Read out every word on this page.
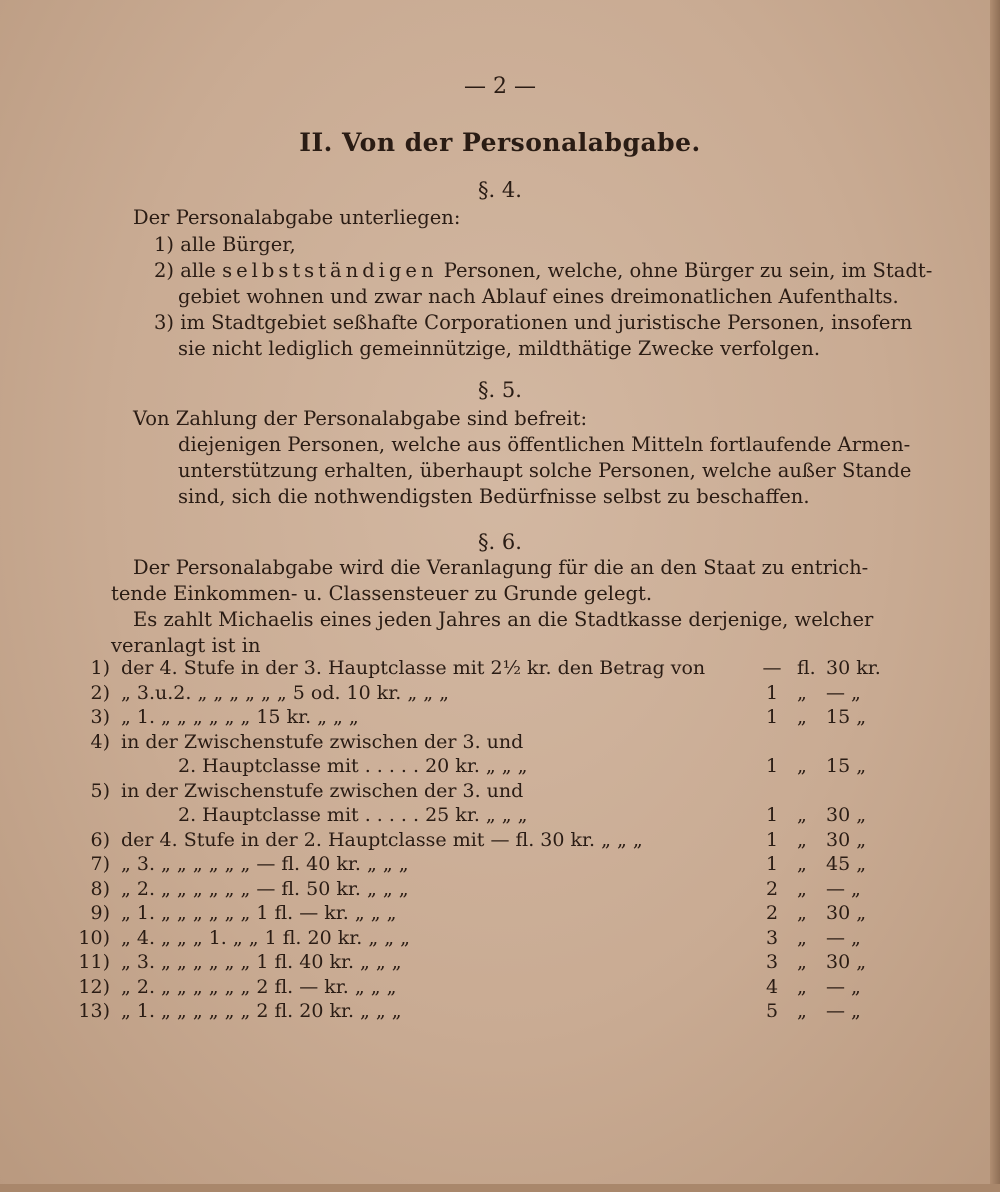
— 2 —
II. Von der Personalabgabe.
§. 4.
Der Personalabgabe unterliegen:
1) alle Bürger,
2) alle selbstständigen Personen, welche, ohne Bürger zu sein, im Stadt-
gebiet wohnen und zwar nach Ablauf eines dreimonatlichen Aufenthalts.
3) im Stadtgebiet seßhafte Corporationen und juristische Personen, insofern
sie nicht lediglich gemeinnützige, mildthätige Zwecke verfolgen.
§. 5.
Von Zahlung der Personalabgabe sind befreit:
diejenigen Personen, welche aus öffentlichen Mitteln fortlaufende Armen-
unterstützung erhalten, überhaupt solche Personen, welche außer Stande
sind, sich die nothwendigsten Bedürfnisse selbst zu beschaffen.
§. 6.
Der Personalabgabe wird die Veranlagung für die an den Staat zu entrich-
tende Einkommen- u. Classensteuer zu Grunde gelegt.
Es zahlt Michaelis eines jeden Jahres an die Stadtkasse derjenige, welcher
veranlagt ist in
1) der 4. Stufe in der 3. Hauptclasse mit 2½ kr. den Betrag von	— fl. 30 kr.
2) „ 3.u.2. „ „ „ „ „ „ 5 od. 10 kr. „ „ „	1 „	— „
3) „ 1. „ „ „ „ „ „ 15 kr. „ „ „	1 „	15 „
4) in der Zwischenstufe zwischen der 3. und
2. Hauptclasse mit . . . . . 20 kr. „ „ „	1 „	15 „
5) in der Zwischenstufe zwischen der 3. und
2. Hauptclasse mit . . . . . 25 kr. „ „ „	1 „	30 „
6) der 4. Stufe in der 2. Hauptclasse mit — fl. 30 kr. „ „ „	1 „	30 „
7) „ 3. „ „ „ „ „ „ — fl. 40 kr. „ „ „	1 „	45 „
8) „ 2. „ „ „ „ „ „ — fl. 50 kr. „ „ „	2 „	— „
9) „ 1. „ „ „ „ „ „ 1 fl. — kr. „ „ „	2 „	30 „
10) „ 4. „ „ „ 1. „ „ 1 fl. 20 kr. „ „ „	3 „	— „
11) „ 3. „ „ „ „ „ „ 1 fl. 40 kr. „ „ „	3 „	30 „
12) „ 2. „ „ „ „ „ „ 2 fl. — kr. „ „ „	4 „	— „
13) „ 1. „ „ „ „ „ „ 2 fl. 20 kr. „ „ „	5 „	— „
